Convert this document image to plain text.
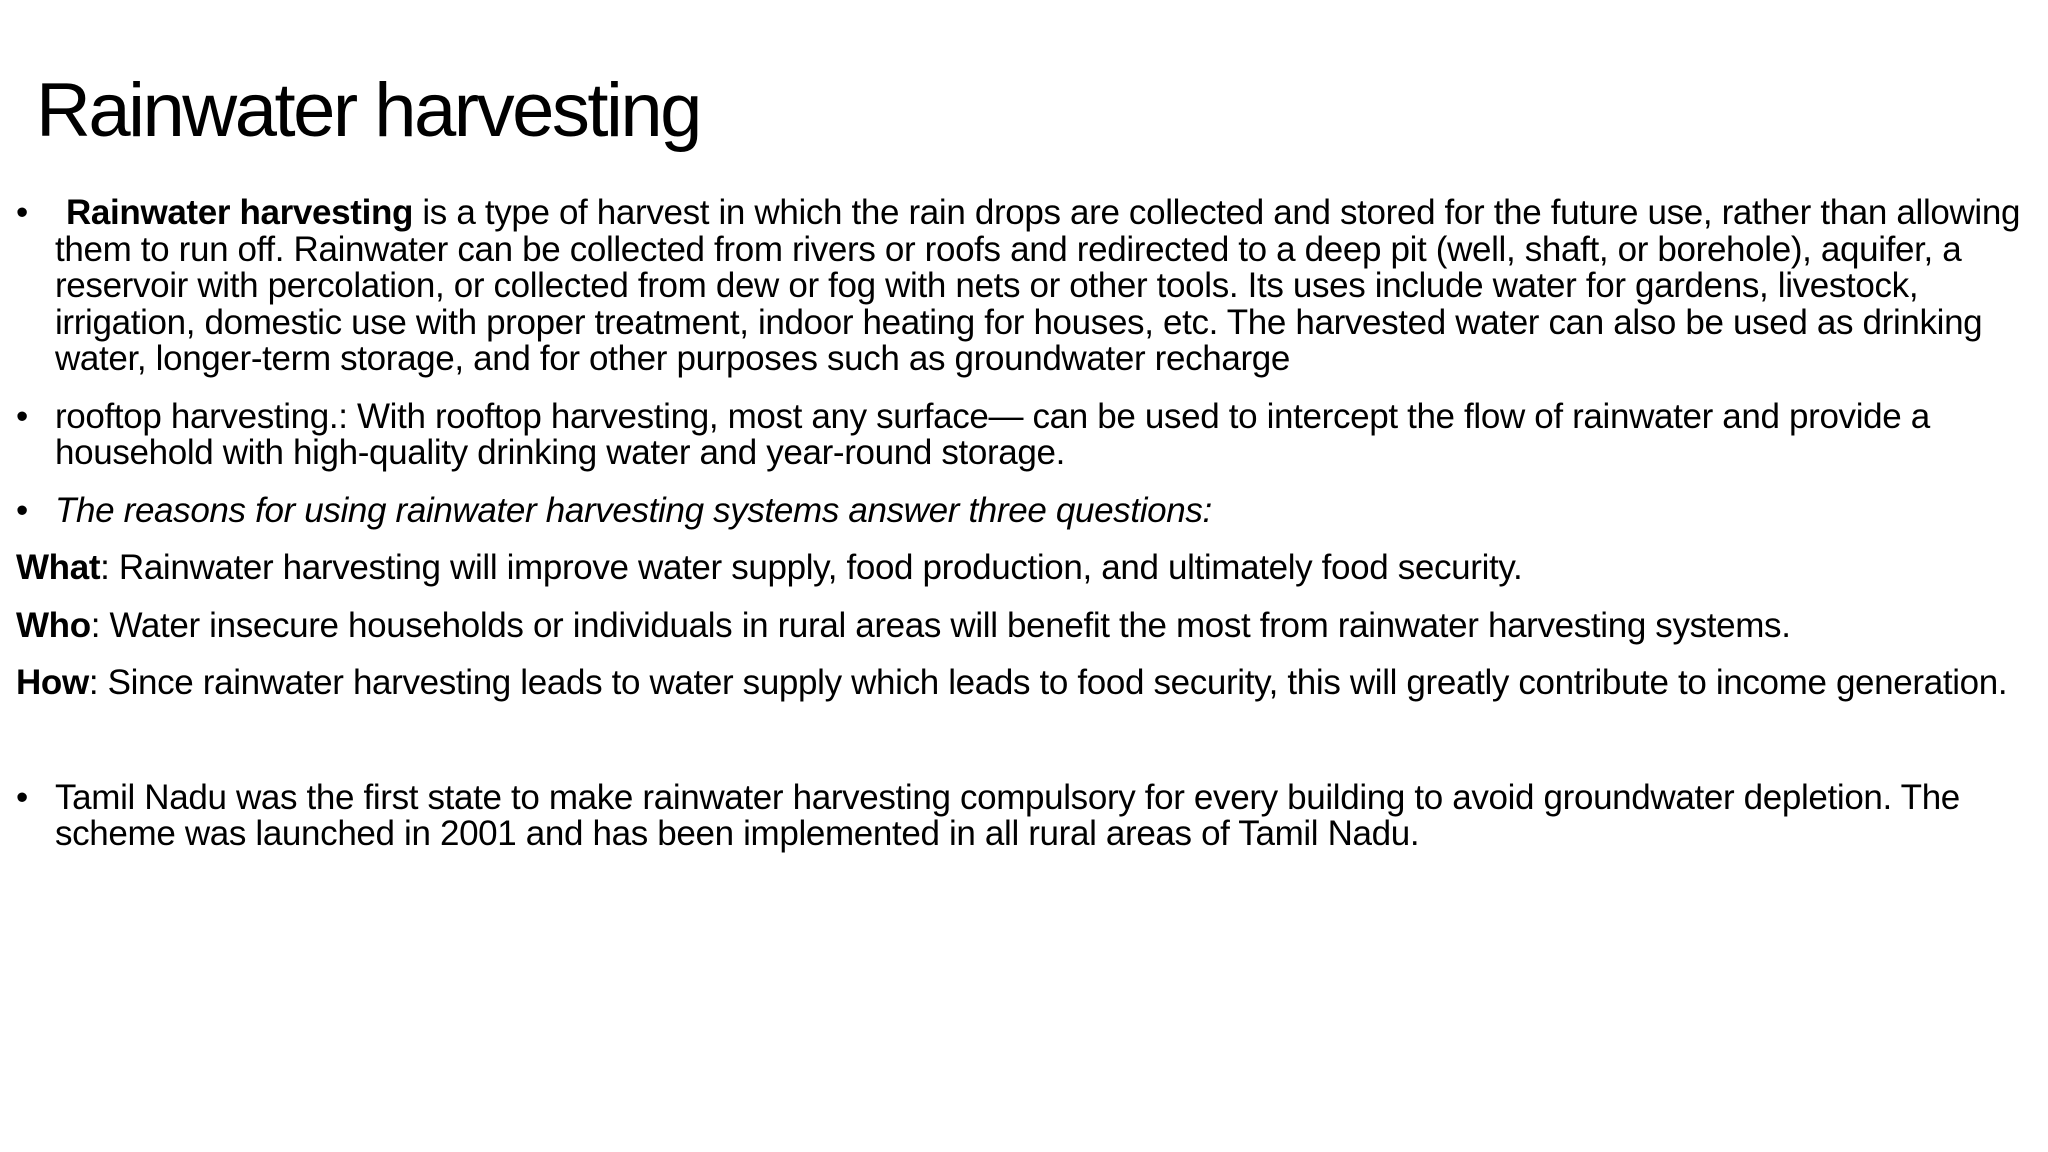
Rainwater harvesting
•	Rainwater harvesting is a type of harvest in which the rain drops are collected and stored for the future use, rather than allowing them to run off. Rainwater can be collected from rivers or roofs and redirected to a deep pit (well, shaft, or borehole), aquifer, a reservoir with percolation, or collected from dew or fog with nets or other tools. Its uses include water for gardens, livestock, irrigation, domestic use with proper treatment, indoor heating for houses, etc. The harvested water can also be used as drinking water, longer-term storage, and for other purposes such as groundwater recharge

• rooftop harvesting.: With rooftop harvesting, most any surface— can be used to intercept the flow of rainwater and provide a household with high-quality drinking water and year-round storage.

• The reasons for using rainwater harvesting systems answer three questions:

What: Rainwater harvesting will improve water supply, food production, and ultimately food security.

Who: Water insecure households or individuals in rural areas will benefit the most from rainwater harvesting systems.

How: Since rainwater harvesting leads to water supply which leads to food security, this will greatly contribute to income generation.

• Tamil Nadu was the first state to make rainwater harvesting compulsory for every building to avoid groundwater depletion. The scheme was launched in 2001 and has been implemented in all rural areas of Tamil Nadu.
